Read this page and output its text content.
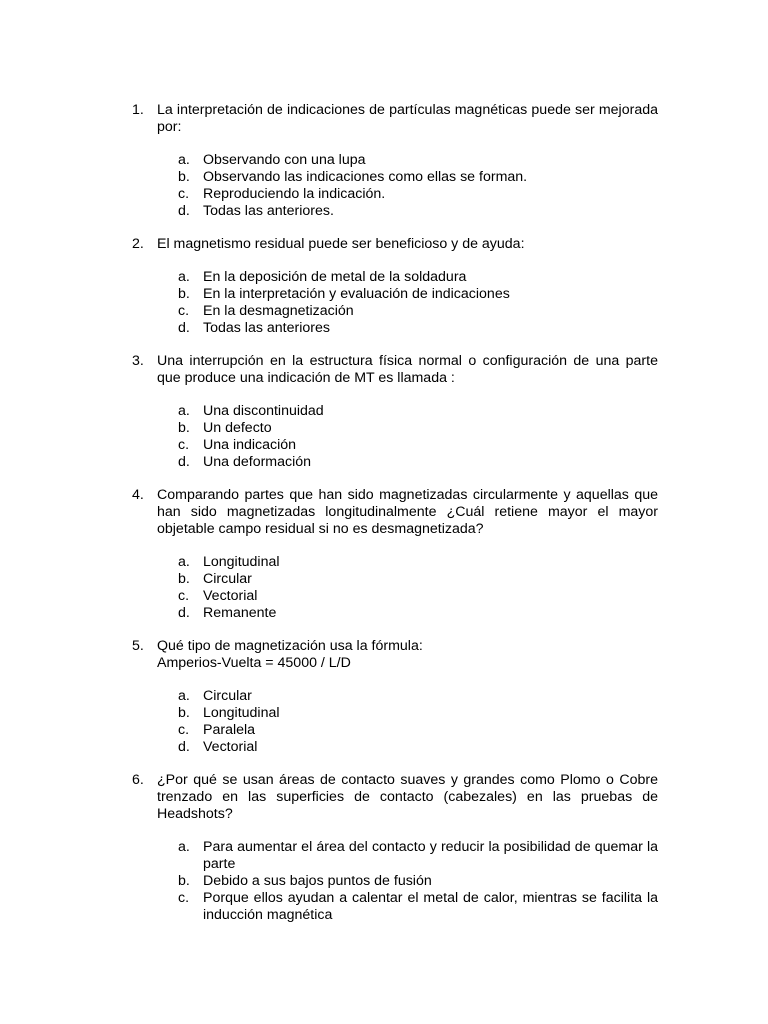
1. La interpretación de indicaciones de partículas magnéticas puede ser mejorada por:
a. Observando con una lupa
b. Observando las indicaciones como ellas se forman.
c. Reproduciendo la indicación.
d. Todas las anteriores.
2. El magnetismo residual puede ser beneficioso y de ayuda:
a. En la deposición de metal de la soldadura
b. En la interpretación y evaluación de indicaciones
c. En la desmagnetización
d. Todas las anteriores
3. Una interrupción en la estructura física normal o configuración de una parte que produce una indicación de MT es llamada :
a. Una discontinuidad
b. Un defecto
c. Una indicación
d. Una deformación
4. Comparando partes que han sido magnetizadas circularmente y aquellas que han sido magnetizadas longitudinalmente ¿Cuál retiene mayor el mayor objetable campo residual si no es desmagnetizada?
a. Longitudinal
b. Circular
c. Vectorial
d. Remanente
5. Qué tipo de magnetización usa la fórmula:
Amperios-Vuelta = 45000 / L/D
a. Circular
b. Longitudinal
c. Paralela
d. Vectorial
6. ¿Por qué se usan áreas de contacto suaves y grandes como Plomo o Cobre trenzado en las superficies de contacto (cabezales) en las pruebas de Headshots?
a. Para aumentar el área del contacto y reducir la posibilidad de quemar la parte
b. Debido a sus bajos puntos de fusión
c. Porque ellos ayudan a calentar el metal de calor, mientras se facilita la inducción magnética
